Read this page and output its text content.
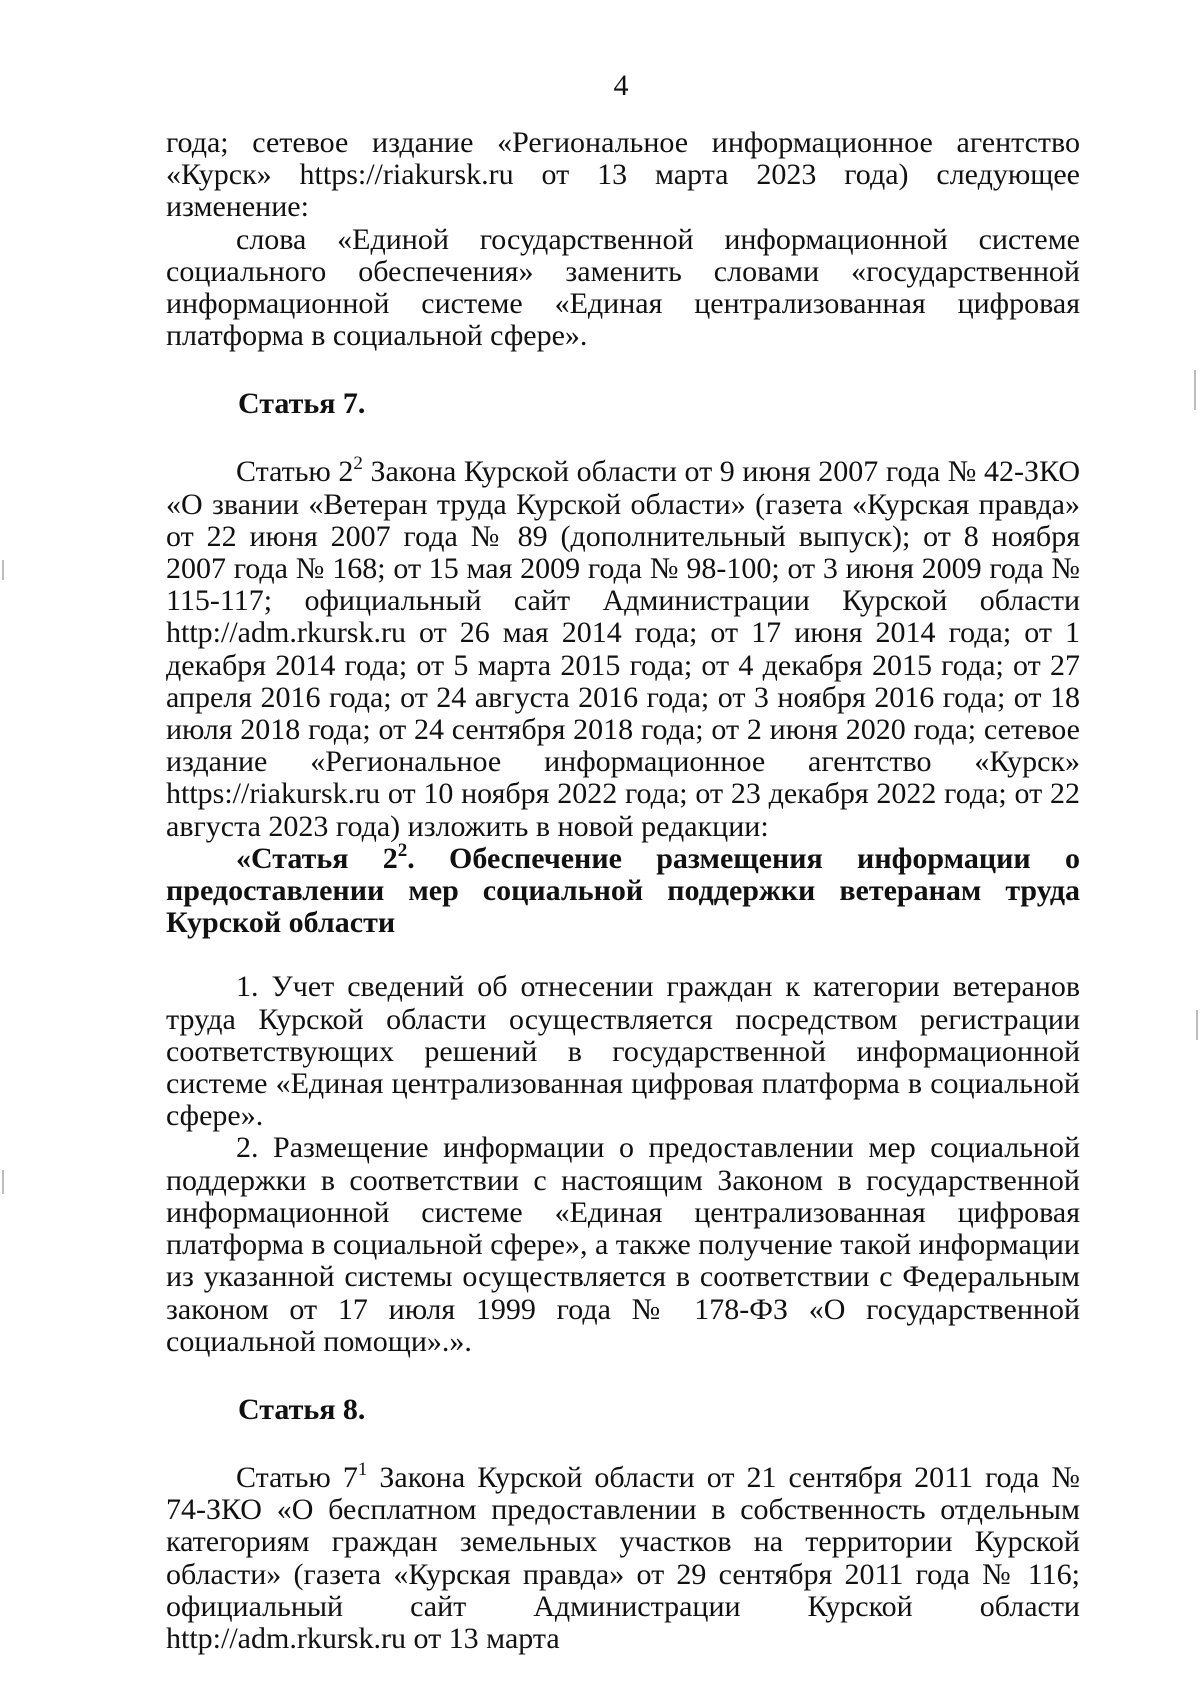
4

года; сетевое издание «Региональное информационное агентство «Курск» https://riakursk.ru от 13 марта 2023 года) следующее изменение:

слова «Единой государственной информационной системе социального обеспечения» заменить словами «государственной информационной системе «Единая централизованная цифровая платформа в социальной сфере».

Статья 7.

Статью $2^2$ Закона Курской области от 9 июня 2007 года № 42-ЗКО «О звании «Ветеран труда Курской области» (газета «Курская правда» от 22 июня 2007 года № 89 (дополнительный выпуск); от 8 ноября 2007 года № 168; от 15 мая 2009 года № 98-100; от 3 июня 2009 года № 115-117; официальный сайт Администрации Курской области http://adm.rkursk.ru от 26 мая 2014 года; от 17 июня 2014 года; от 1 декабря 2014 года; от 5 марта 2015 года; от 4 декабря 2015 года; от 27 апреля 2016 года; от 24 августа 2016 года; от 3 ноября 2016 года; от 18 июля 2018 года; от 24 сентября 2018 года; от 2 июня 2020 года; сетевое издание «Региональное информационное агентство «Курск» https://riakursk.ru от 10 ноября 2022 года; от 23 декабря 2022 года; от 22 августа 2023 года) изложить в новой редакции:

«Статья $2^2$. Обеспечение размещения информации о предоставлении мер социальной поддержки ветеранам труда Курской области

1. Учет сведений об отнесении граждан к категории ветеранов труда Курской области осуществляется посредством регистрации соответствующих решений в государственной информационной системе «Единая централизованная цифровая платформа в социальной сфере».

2. Размещение информации о предоставлении мер социальной поддержки в соответствии с настоящим Законом в государственной информационной системе «Единая централизованная цифровая платформа в социальной сфере», а также получение такой информации из указанной системы осуществляется в соответствии с Федеральным законом от 17 июля 1999 года № 178-ФЗ «О государственной социальной помощи».».

Статья 8.

Статью $7^1$ Закона Курской области от 21 сентября 2011 года № 74-ЗКО «О бесплатном предоставлении в собственность отдельным категориям граждан земельных участков на территории Курской области» (газета «Курская правда» от 29 сентября 2011 года № 116; официальный сайт Администрации Курской области http://adm.rkursk.ru от 13 марта
